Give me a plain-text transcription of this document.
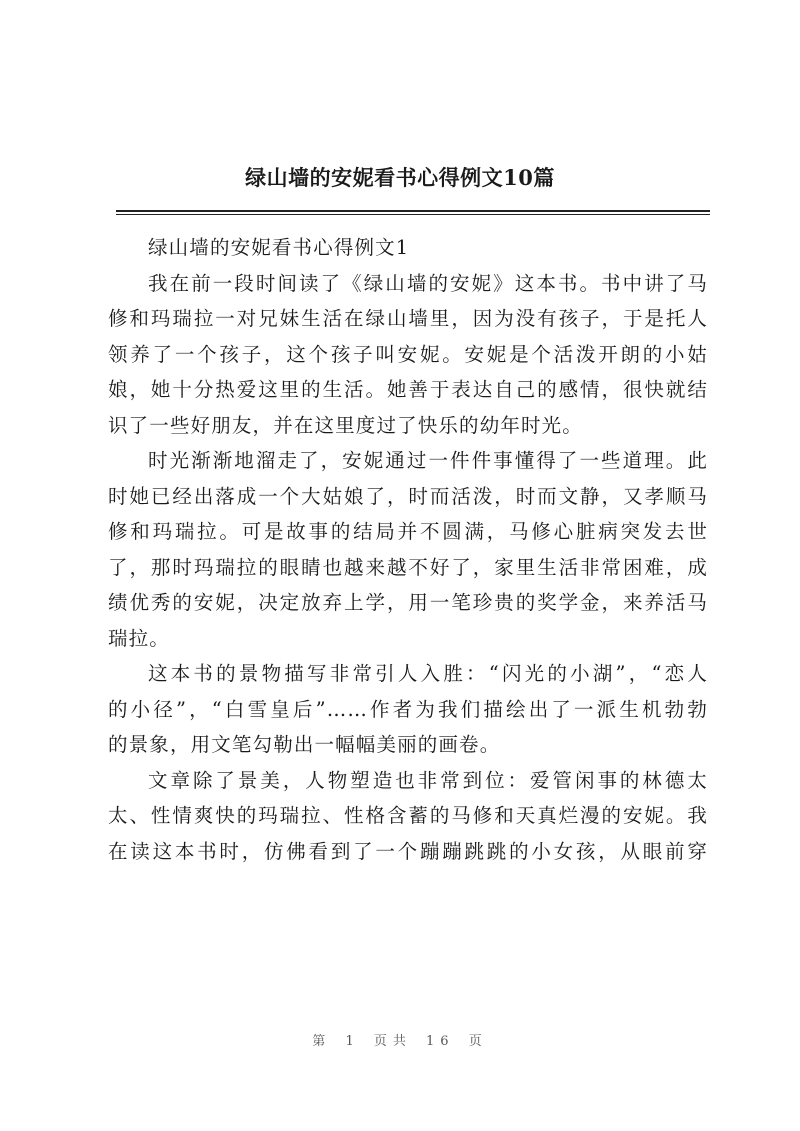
绿山墙的安妮看书心得例文10篇
绿山墙的安妮看书心得例文1
我在前一段时间读了《绿山墙的安妮》这本书。书中讲了马
修和玛瑞拉一对兄妹生活在绿山墙里，因为没有孩子，于是托人
领养了一个孩子，这个孩子叫安妮。安妮是个活泼开朗的小姑
娘，她十分热爱这里的生活。她善于表达自己的感情，很快就结
识了一些好朋友，并在这里度过了快乐的幼年时光。
时光渐渐地溜走了，安妮通过一件件事懂得了一些道理。此
时她已经出落成一个大姑娘了，时而活泼，时而文静，又孝顺马
修和玛瑞拉。可是故事的结局并不圆满，马修心脏病突发去世
了，那时玛瑞拉的眼睛也越来越不好了，家里生活非常困难，成
绩优秀的安妮，决定放弃上学，用一笔珍贵的奖学金，来养活马
瑞拉。
这本书的景物描写非常引人入胜：“闪光的小湖”，“恋人
的小径”，“白雪皇后”……作者为我们描绘出了一派生机勃勃
的景象，用文笔勾勒出一幅幅美丽的画卷。
文章除了景美，人物塑造也非常到位：爱管闲事的林德太
太、性情爽快的玛瑞拉、性格含蓄的马修和天真烂漫的安妮。我
在读这本书时，仿佛看到了一个蹦蹦跳跳的小女孩，从眼前穿
第 1 页共 16 页
